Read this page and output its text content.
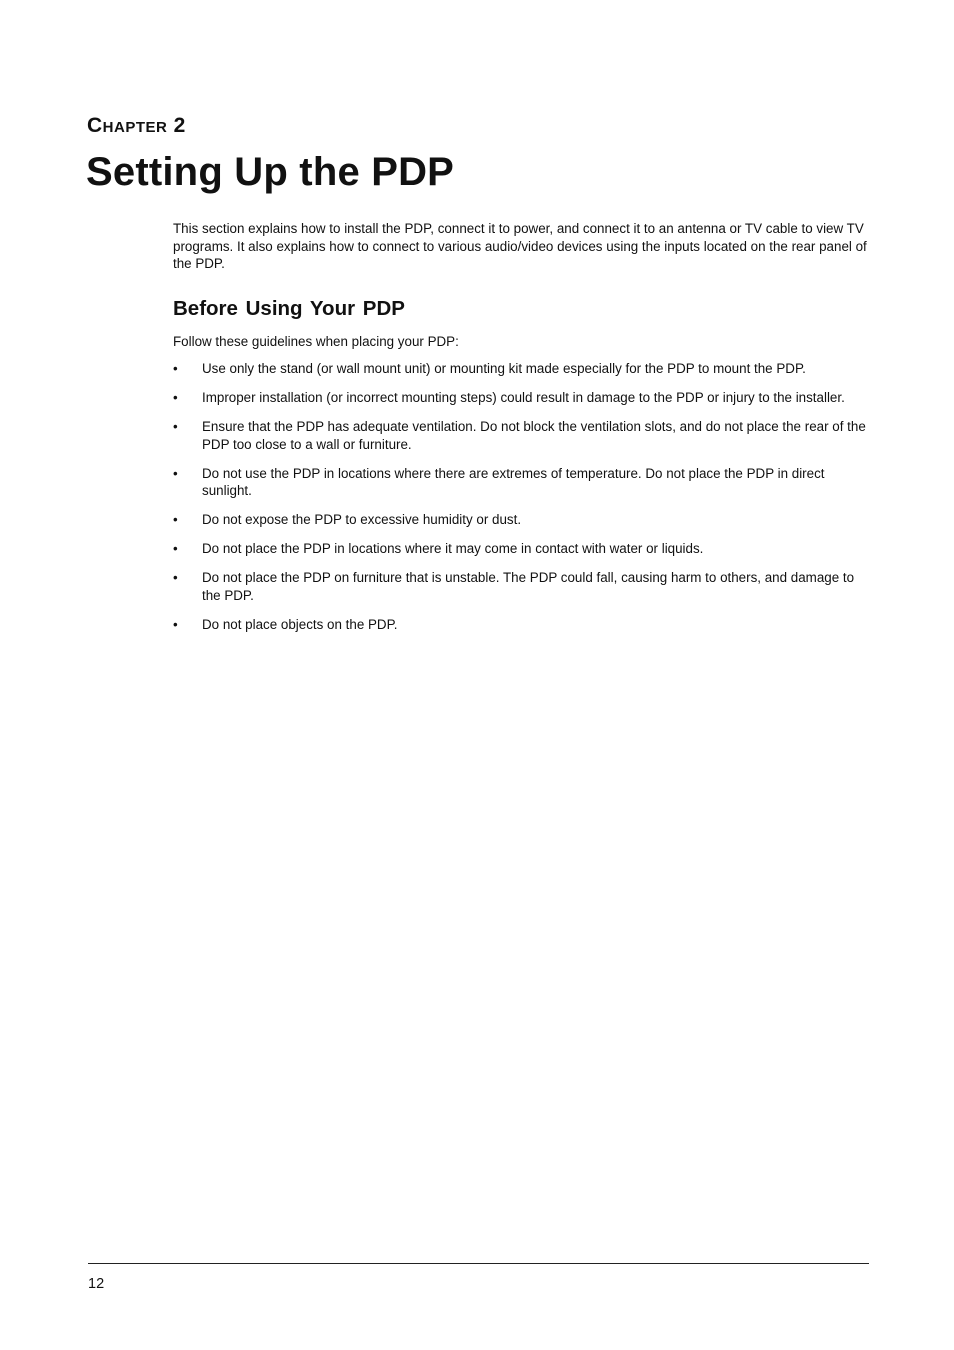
Chapter 2
Setting Up the PDP

This section explains how to install the PDP, connect it to power, and connect it to an antenna or TV cable to view TV programs. It also explains how to connect to various audio/video devices using the inputs located on the rear panel of the PDP.

Before Using Your PDP

Follow these guidelines when placing your PDP:

• Use only the stand (or wall mount unit) or mounting kit made especially for the PDP to mount the PDP.
• Improper installation (or incorrect mounting steps) could result in damage to the PDP or injury to the installer.
• Ensure that the PDP has adequate ventilation. Do not block the ventilation slots, and do not place the rear of the PDP too close to a wall or furniture.
• Do not use the PDP in locations where there are extremes of temperature. Do not place the PDP in direct sunlight.
• Do not expose the PDP to excessive humidity or dust.
• Do not place the PDP in locations where it may come in contact with water or liquids.
• Do not place the PDP on furniture that is unstable. The PDP could fall, causing harm to others, and damage to the PDP.
• Do not place objects on the PDP.
12
